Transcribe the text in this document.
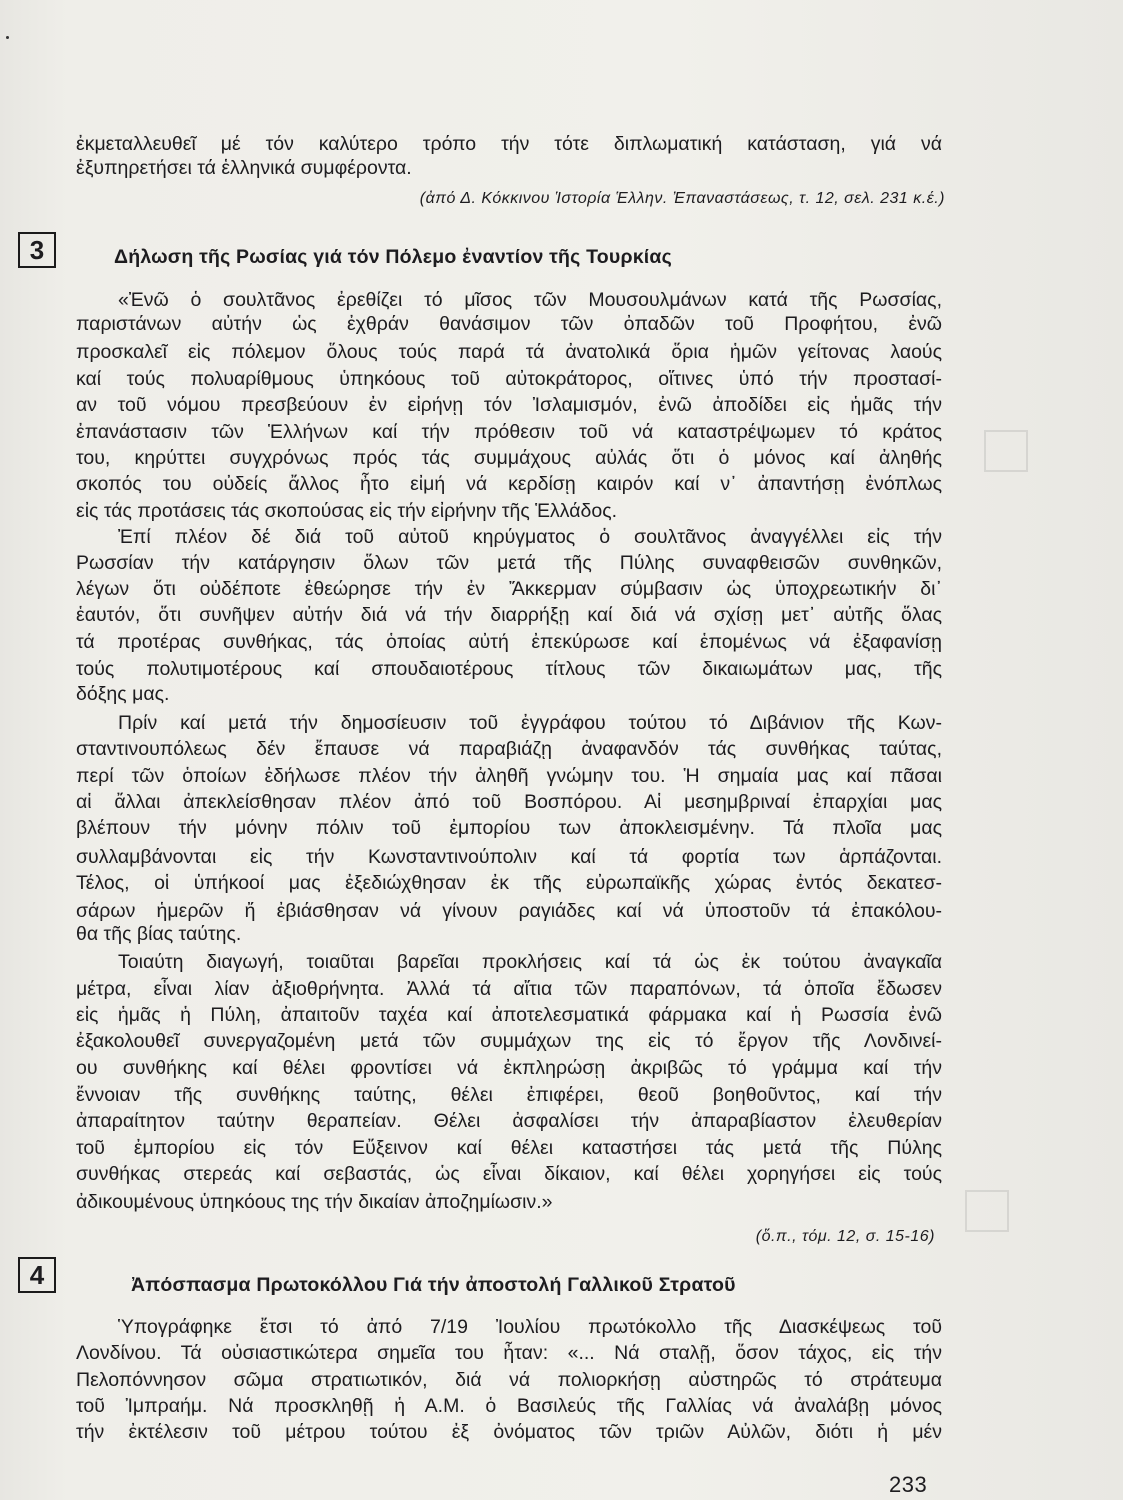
ἐκμεταλλευθεῖ μέ τόν καλύτερο τρόπο τήν τότε διπλωματική κατάσταση, γιά νά
ἐξυπηρετήσει τά ἑλληνικά συμφέροντα.
(ἀπό Δ. Κόκκινου Ἱστορία Ἑλλην. Ἐπαναστάσεως, τ. 12, σελ. 231 κ.έ.)
3	Δήλωση τῆς Ρωσίας γιά τόν Πόλεμο ἐναντίον τῆς Τουρκίας
«Ἐνῶ ὁ σουλτᾶνος ἐρεθίζει τό μῖσος τῶν Μουσουλμάνων κατά τῆς Ρωσσίας,
παριστάνων αὐτήν ὡς ἐχθράν θανάσιμον τῶν ὀπαδῶν τοῦ Προφήτου, ἐνῶ
προσκαλεῖ εἰς πόλεμον ὅλους τούς παρά τά ἀνατολικά ὅρια ἡμῶν γείτονας λαούς
καί τούς πολυαρίθμους ὑπηκόους τοῦ αὐτοκράτορος, οἵτινες ὑπό τήν προστασί-
αν τοῦ νόμου πρεσβεύουν ἐν εἰρήνῃ τόν Ἰσλαμισμόν, ἐνῶ ἀποδίδει εἰς ἡμᾶς τήν
ἐπανάστασιν τῶν Ἑλλήνων καί τήν πρόθεσιν τοῦ νά καταστρέψωμεν τό κράτος
του, κηρύττει συγχρόνως πρός τάς συμμάχους αὐλάς ὅτι ὁ μόνος καί ἀληθής
σκοπός του οὐδείς ἄλλος ἦτο εἰμή νά κερδίσῃ καιρόν καί ν᾿ ἀπαντήσῃ ἐνόπλως
εἰς τάς προτάσεις τάς σκοπούσας εἰς τήν εἰρήνην τῆς Ἑλλάδος.
Ἐπί πλέον δέ διά τοῦ αὐτοῦ κηρύγματος ὁ σουλτᾶνος ἀναγγέλλει εἰς τήν
Ρωσσίαν τήν κατάργησιν ὅλων τῶν μετά τῆς Πύλης συναφθεισῶν συνθηκῶν,
λέγων ὅτι οὐδέποτε ἐθεώρησε τήν ἐν Ἄκκερμαν σύμβασιν ὡς ὑποχρεωτικήν δι᾿
ἑαυτόν, ὅτι συνῆψεν αὐτήν διά νά τήν διαρρήξῃ καί διά νά σχίσῃ μετ᾿ αὐτῆς ὅλας
τά προτέρας συνθήκας, τάς ὁποίας αὐτή ἐπεκύρωσε καί ἑπομένως νά ἐξαφανίσῃ
τούς πολυτιμοτέρους καί σπουδαιοτέρους τίτλους τῶν δικαιωμάτων μας, τῆς
δόξης μας.
Πρίν καί μετά τήν δημοσίευσιν τοῦ ἐγγράφου τούτου τό Διβάνιον τῆς Κων-
σταντινουπόλεως δέν ἔπαυσε νά παραβιάζῃ ἀναφανδόν τάς συνθήκας ταύτας,
περί τῶν ὁποίων ἐδήλωσε πλέον τήν ἀληθῆ γνώμην του. Ἡ σημαία μας καί πᾶσαι
αἱ ἄλλαι ἀπεκλείσθησαν πλέον ἀπό τοῦ Βοσπόρου. Αἱ μεσημβριναί ἐπαρχίαι μας
βλέπουν τήν μόνην πόλιν τοῦ ἐμπορίου των ἀποκλεισμένην. Τά πλοῖα μας
συλλαμβάνονται εἰς τήν Κωνσταντινούπολιν καί τά φορτία των ἁρπάζονται.
Τέλος, οἱ ὑπήκοοί μας ἐξεδιώχθησαν ἐκ τῆς εὐρωπαϊκῆς χώρας ἐντός δεκατεσ-
σάρων ἡμερῶν ἤ ἐβιάσθησαν νά γίνουν ραγιάδες καί νά ὑποστοῦν τά ἐπακόλου-
θα τῆς βίας ταύτης.
Τοιαύτη διαγωγή, τοιαῦται βαρεῖαι προκλήσεις καί τά ὡς ἐκ τούτου ἀναγκαῖα
μέτρα, εἶναι λίαν ἀξιοθρήνητα. Ἀλλά τά αἴτια τῶν παραπόνων, τά ὁποῖα ἔδωσεν
εἰς ἡμᾶς ἡ Πύλη, ἀπαιτοῦν ταχέα καί ἀποτελεσματικά φάρμακα καί ἡ Ρωσσία ἐνῶ
ἐξακολουθεῖ συνεργαζομένη μετά τῶν συμμάχων της εἰς τό ἔργον τῆς Λονδινεί-
ου συνθήκης καί θέλει φροντίσει νά ἐκπληρώσῃ ἀκριβῶς τό γράμμα καί τήν
ἔννοιαν τῆς συνθήκης ταύτης, θέλει ἐπιφέρει, θεοῦ βοηθοῦντος, καί τήν
ἀπαραίτητον ταύτην θεραπείαν. Θέλει ἀσφαλίσει τήν ἀπαραβίαστον ἐλευθερίαν
τοῦ ἐμπορίου εἰς τόν Εὔξεινον καί θέλει καταστήσει τάς μετά τῆς Πύλης
συνθήκας στερεάς καί σεβαστάς, ὡς εἶναι δίκαιον, καί θέλει χορηγήσει εἰς τούς
ἀδικουμένους ὑπηκόους της τήν δικαίαν ἀποζημίωσιν.»
(ὅ.π., τόμ. 12, σ. 15-16)
4	Ἀπόσπασμα Πρωτοκόλλου Γιά τήν ἀποστολή Γαλλικοῦ Στρατοῦ
Ὑπογράφηκε ἔτσι τό ἀπό 7/19 Ἰουλίου πρωτόκολλο τῆς Διασκέψεως τοῦ
Λονδίνου. Τά οὐσιαστικώτερα σημεῖα του ἦταν: «... Νά σταλῇ, ὅσον τάχος, εἰς τήν
Πελοπόννησον σῶμα στρατιωτικόν, διά νά πολιορκήσῃ αὐστηρῶς τό στράτευμα
τοῦ Ἰμπραήμ. Νά προσκληθῇ ἡ Α.Μ. ὁ Βασιλεύς τῆς Γαλλίας νά ἀναλάβῃ μόνος
τήν ἐκτέλεσιν τοῦ μέτρου τούτου ἐξ ὀνόματος τῶν τριῶν Αὐλῶν, διότι ἡ μέν
233
